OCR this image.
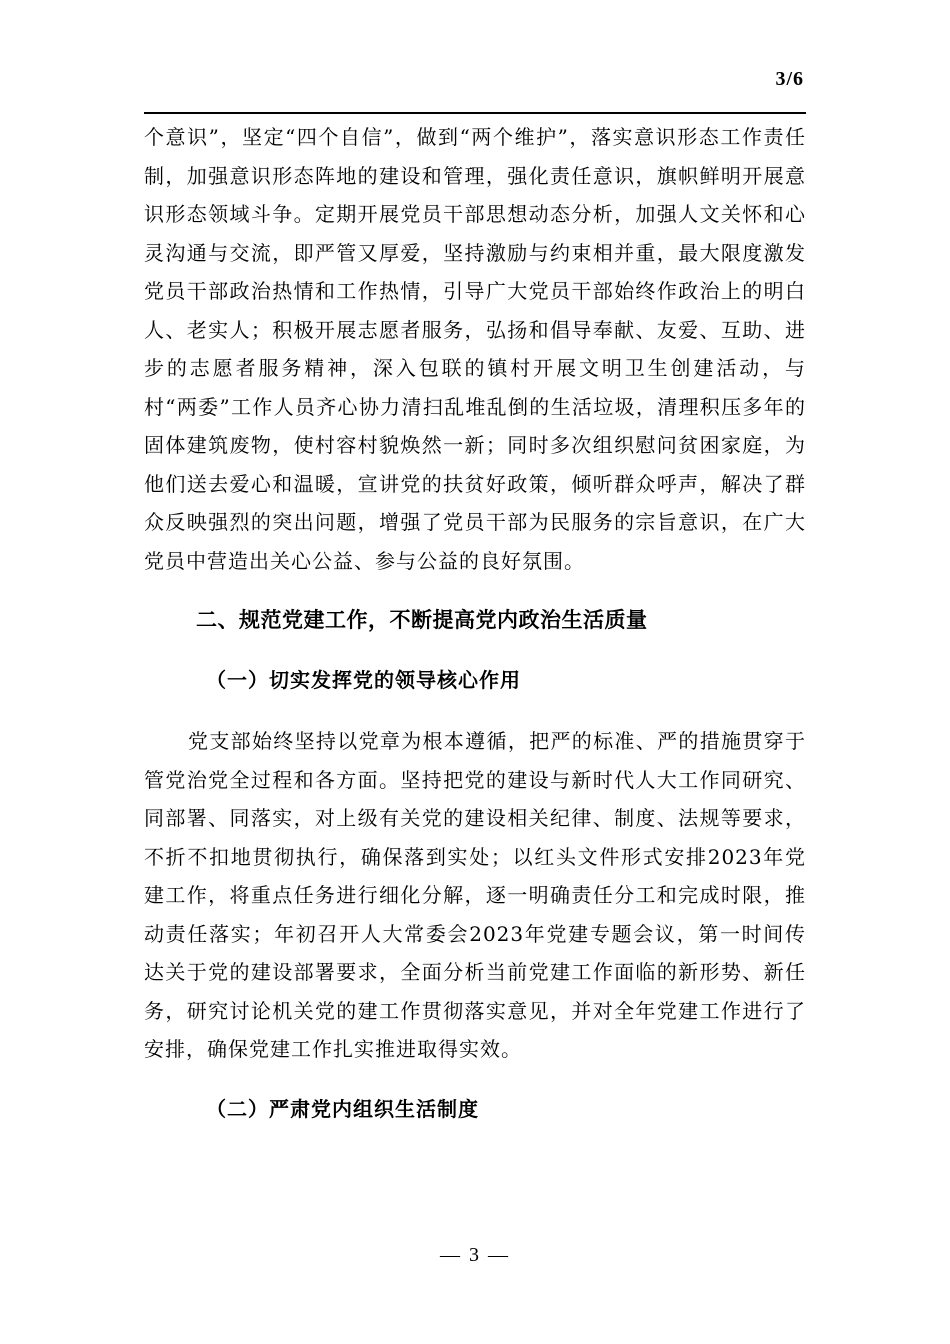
3/6

个意识”，坚定“四个自信”，做到“两个维护”，落实意识形态工作责任制，加强意识形态阵地的建设和管理，强化责任意识，旗帜鲜明开展意识形态领域斗争。定期开展党员干部思想动态分析，加强人文关怀和心灵沟通与交流，即严管又厚爱，坚持激励与约束相并重，最大限度激发党员干部政治热情和工作热情，引导广大党员干部始终作政治上的明白人、老实人；积极开展志愿者服务，弘扬和倡导奉献、友爱、互助、进步的志愿者服务精神，深入包联的镇村开展文明卫生创建活动，与村“两委”工作人员齐心协力清扫乱堆乱倒的生活垃圾，清理积压多年的固体建筑废物，使村容村貌焕然一新；同时多次组织慰问贫困家庭，为他们送去爱心和温暖，宣讲党的扶贫好政策，倾听群众呼声，解决了群众反映强烈的突出问题，增强了党员干部为民服务的宗旨意识，在广大党员中营造出关心公益、参与公益的良好氛围。

二、规范党建工作，不断提高党内政治生活质量
（一）切实发挥党的领导核心作用

党支部始终坚持以党章为根本遵循，把严的标准、严的措施贯穿于管党治党全过程和各方面。坚持把党的建设与新时代人大工作同研究、同部署、同落实，对上级有关党的建设相关纪律、制度、法规等要求，不折不扣地贯彻执行，确保落到实处；以红头文件形式安排2023年党建工作，将重点任务进行细化分解，逐一明确责任分工和完成时限，推动责任落实；年初召开人大常委会2023年党建专题会议，第一时间传达关于党的建设部署要求，全面分析当前党建工作面临的新形势、新任务，研究讨论机关党的建工作贯彻落实意见，并对全年党建工作进行了安排，确保党建工作扎实推进取得实效。

（二）严肃党内组织生活制度
— 3 —
